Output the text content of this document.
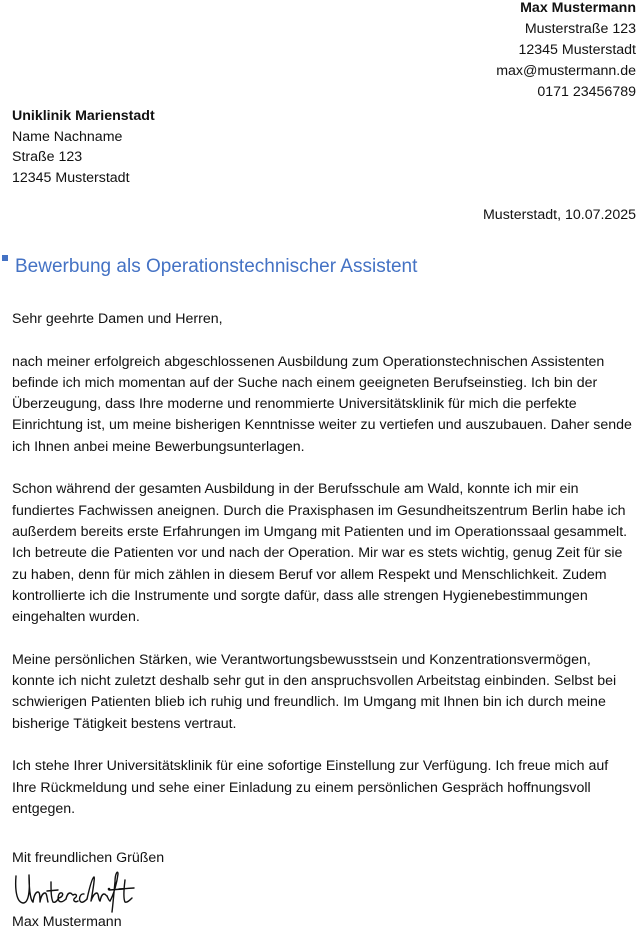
Max Mustermann
Musterstraße 123
12345 Musterstadt
max@mustermann.de
0171 23456789
Uniklinik Marienstadt
Name Nachname
Straße 123
12345 Musterstadt
Musterstadt, 10.07.2025
Bewerbung als Operationstechnischer Assistent

Sehr geehrte Damen und Herren,

nach meiner erfolgreich abgeschlossenen Ausbildung zum Operationstechnischen Assistenten befinde ich mich momentan auf der Suche nach einem geeigneten Berufseinstieg. Ich bin der Überzeugung, dass Ihre moderne und renommierte Universitätsklinik für mich die perfekte Einrichtung ist, um meine bisherigen Kenntnisse weiter zu vertiefen und auszubauen. Daher sende ich Ihnen anbei meine Bewerbungsunterlagen.

Schon während der gesamten Ausbildung in der Berufsschule am Wald, konnte ich mir ein fundiertes Fachwissen aneignen. Durch die Praxisphasen im Gesundheitszentrum Berlin habe ich außerdem bereits erste Erfahrungen im Umgang mit Patienten und im Operationssaal gesammelt. Ich betreute die Patienten vor und nach der Operation. Mir war es stets wichtig, genug Zeit für sie zu haben, denn für mich zählen in diesem Beruf vor allem Respekt und Menschlichkeit. Zudem kontrollierte ich die Instrumente und sorgte dafür, dass alle strengen Hygienebestimmungen eingehalten wurden.

Meine persönlichen Stärken, wie Verantwortungsbewusstsein und Konzentrationsvermögen, konnte ich nicht zuletzt deshalb sehr gut in den anspruchsvollen Arbeitstag einbinden. Selbst bei schwierigen Patienten blieb ich ruhig und freundlich. Im Umgang mit Ihnen bin ich durch meine bisherige Tätigkeit bestens vertraut.

Ich stehe Ihrer Universitätsklinik für eine sofortige Einstellung zur Verfügung. Ich freue mich auf Ihre Rückmeldung und sehe einer Einladung zu einem persönlichen Gespräch hoffnungsvoll entgegen.

Mit freundlichen Grüßen
Max Mustermann
